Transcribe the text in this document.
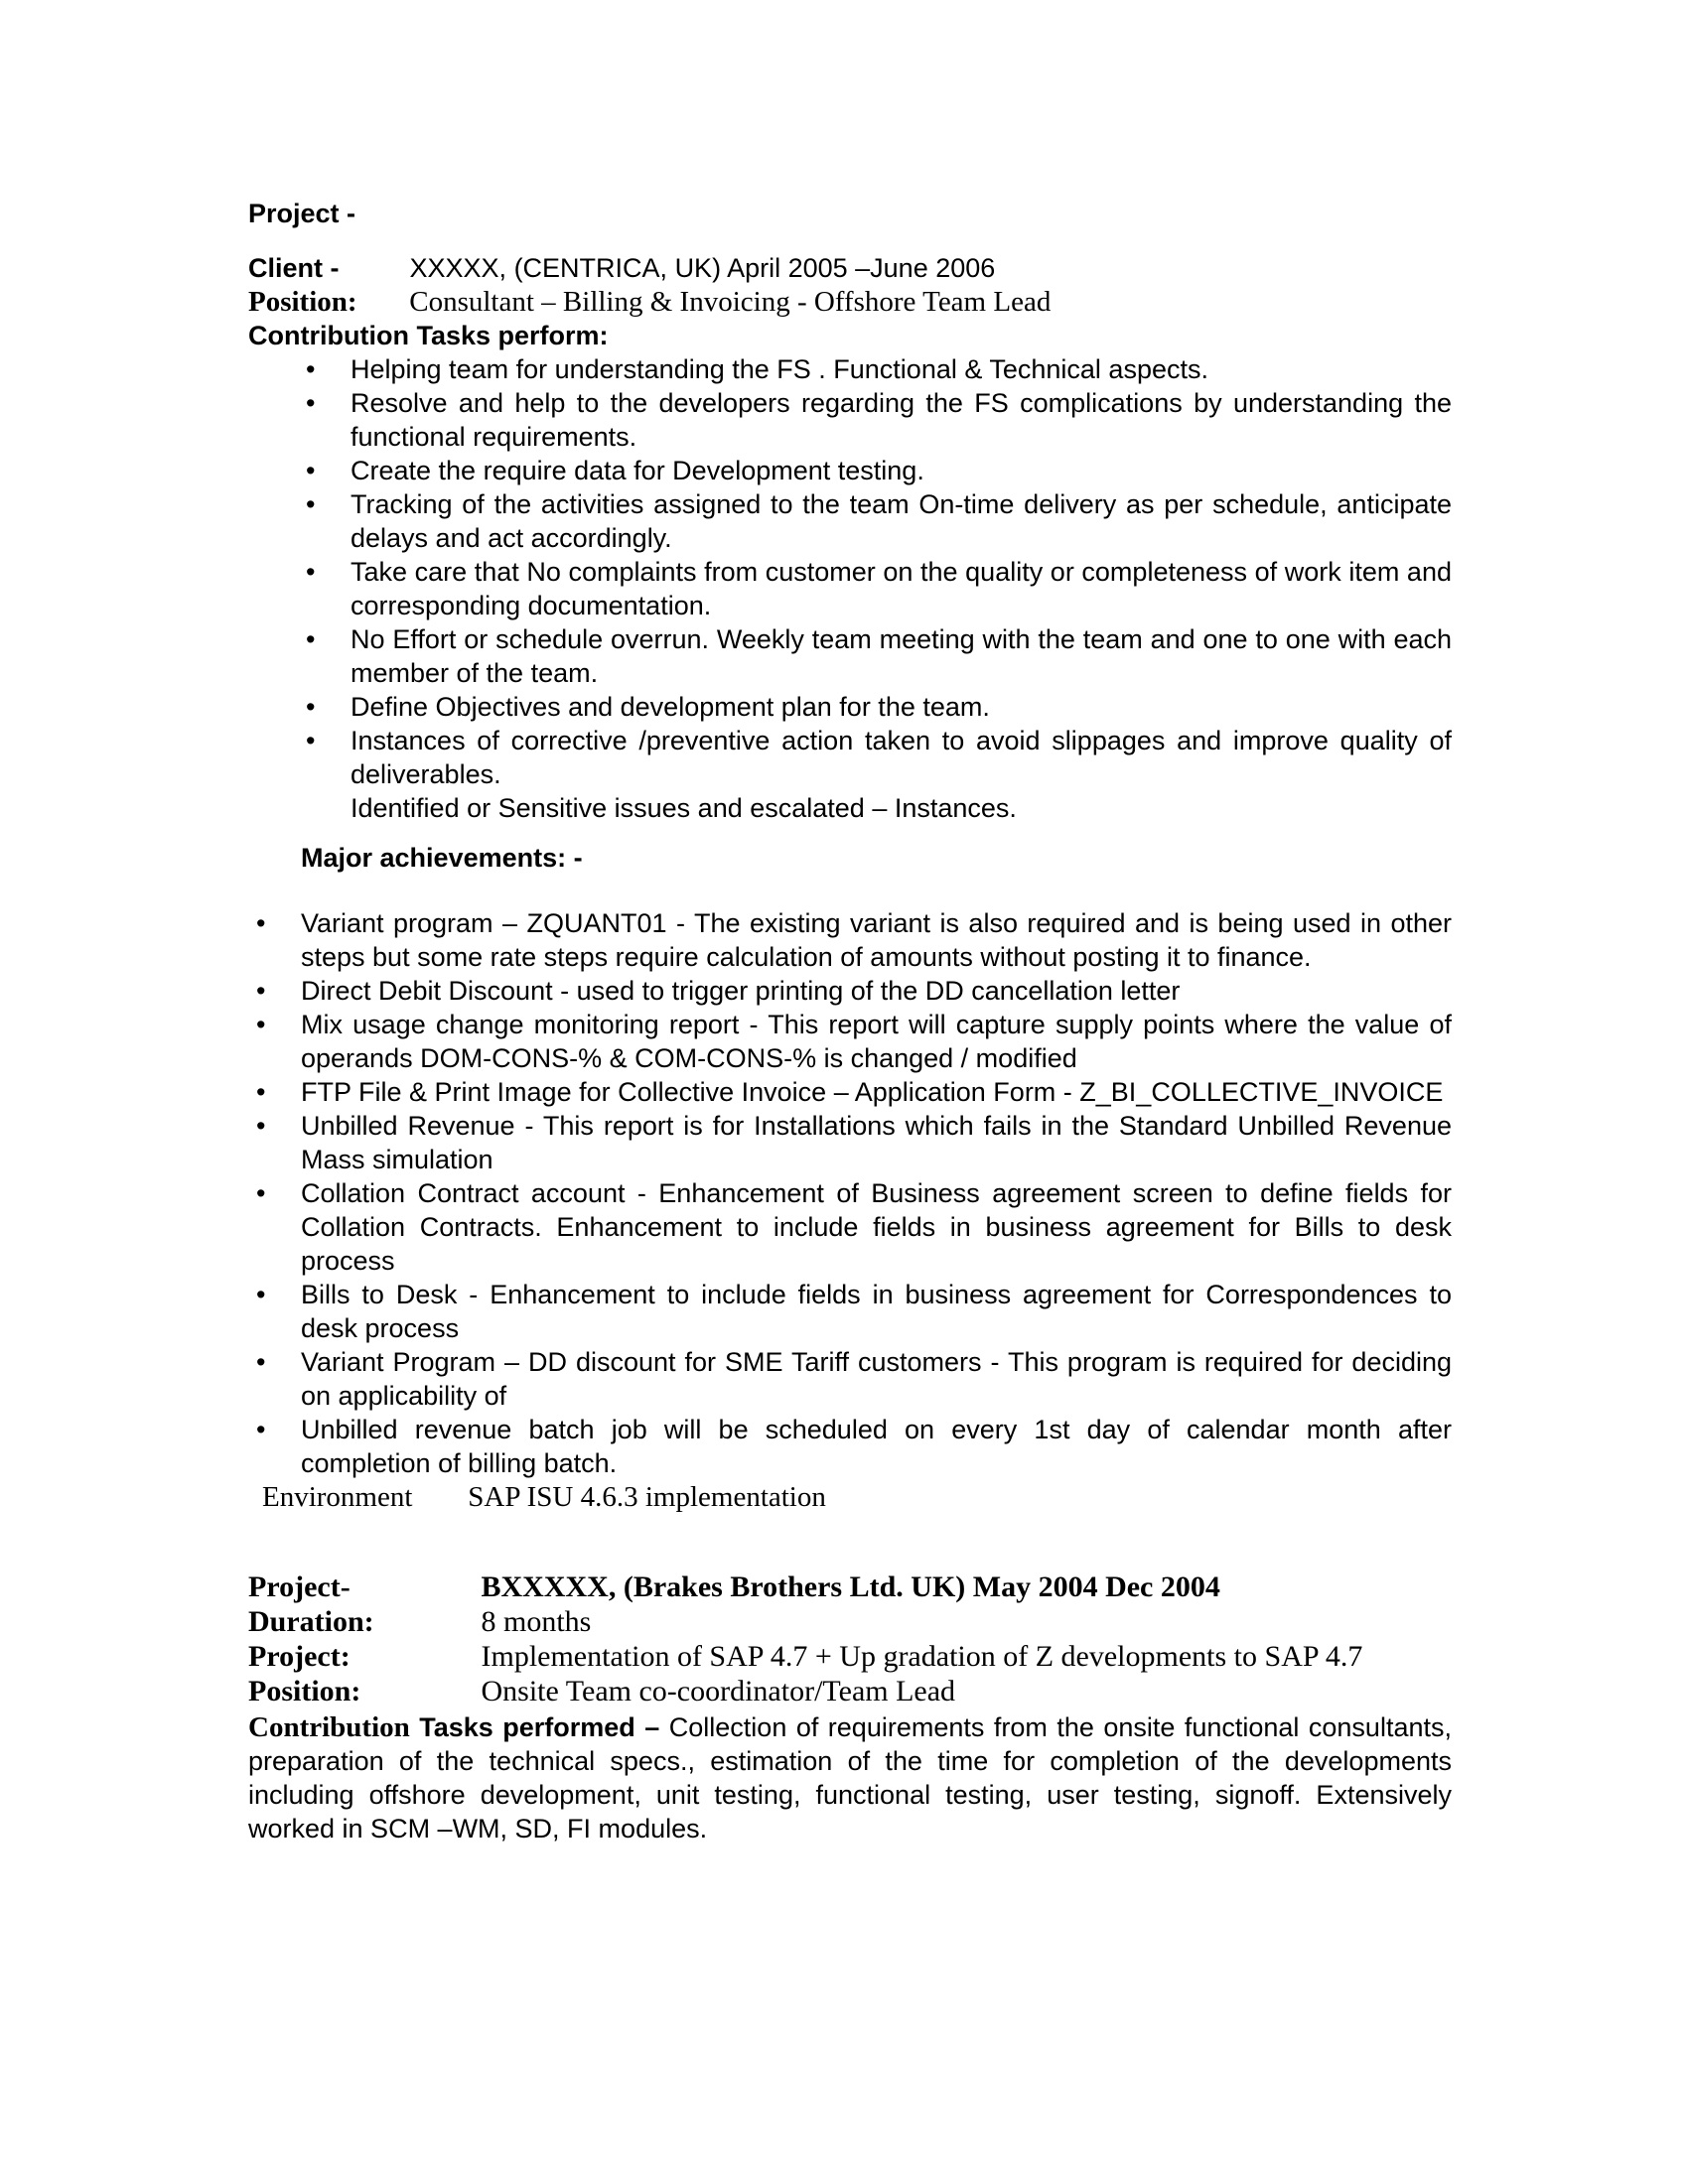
Project -
Client -	XXXXX, (CENTRICA, UK) April 2005 –June 2006
Position: Consultant – Billing & Invoicing - Offshore Team Lead
Contribution Tasks perform:
• Helping team for understanding the FS . Functional & Technical aspects.
• Resolve and help to the developers regarding the FS complications by understanding the functional requirements.
• Create the require data for Development testing.
• Tracking of the activities assigned to the team On-time delivery as per schedule, anticipate delays and act accordingly.
• Take care that No complaints from customer on the quality or completeness of work item and corresponding documentation.
• No Effort or schedule overrun. Weekly team meeting with the team and one to one with each member of the team.
• Define Objectives and development plan for the team.
• Instances of corrective /preventive action taken to avoid slippages and improve quality of deliverables.
Identified or Sensitive issues and escalated – Instances.
Major achievements: -
• Variant program – ZQUANT01 - The existing variant is also required and is being used in other steps but some rate steps require calculation of amounts without posting it to finance.
• Direct Debit Discount - used to trigger printing of the DD cancellation letter
• Mix usage change monitoring report - This report will capture supply points where the value of operands DOM-CONS-% & COM-CONS-% is changed / modified
• FTP File & Print Image for Collective Invoice – Application Form - Z_BI_COLLECTIVE_INVOICE
• Unbilled Revenue - This report is for Installations which fails in the Standard Unbilled Revenue Mass simulation
• Collation Contract account - Enhancement of Business agreement screen to define fields for Collation Contracts. Enhancement to include fields in business agreement for Bills to desk process
• Bills to Desk - Enhancement to include fields in business agreement for Correspondences to desk process
• Variant Program – DD discount for SME Tariff customers - This program is required for deciding on applicability of
• Unbilled revenue batch job will be scheduled on every 1st day of calendar month after completion of billing batch.
Environment SAP ISU 4.6.3 implementation
Project-	BXXXXX, (Brakes Brothers Ltd. UK) May 2004 Dec 2004
Duration:	8 months
Project:	Implementation of SAP 4.7 + Up gradation of Z developments to SAP 4.7
Position:	Onsite Team co-coordinator/Team Lead

Contribution Tasks performed – Collection of requirements from the onsite functional consultants, preparation of the technical specs., estimation of the time for completion of the developments including offshore development, unit testing, functional testing, user testing, signoff. Extensively worked in SCM –WM, SD, FI modules.
